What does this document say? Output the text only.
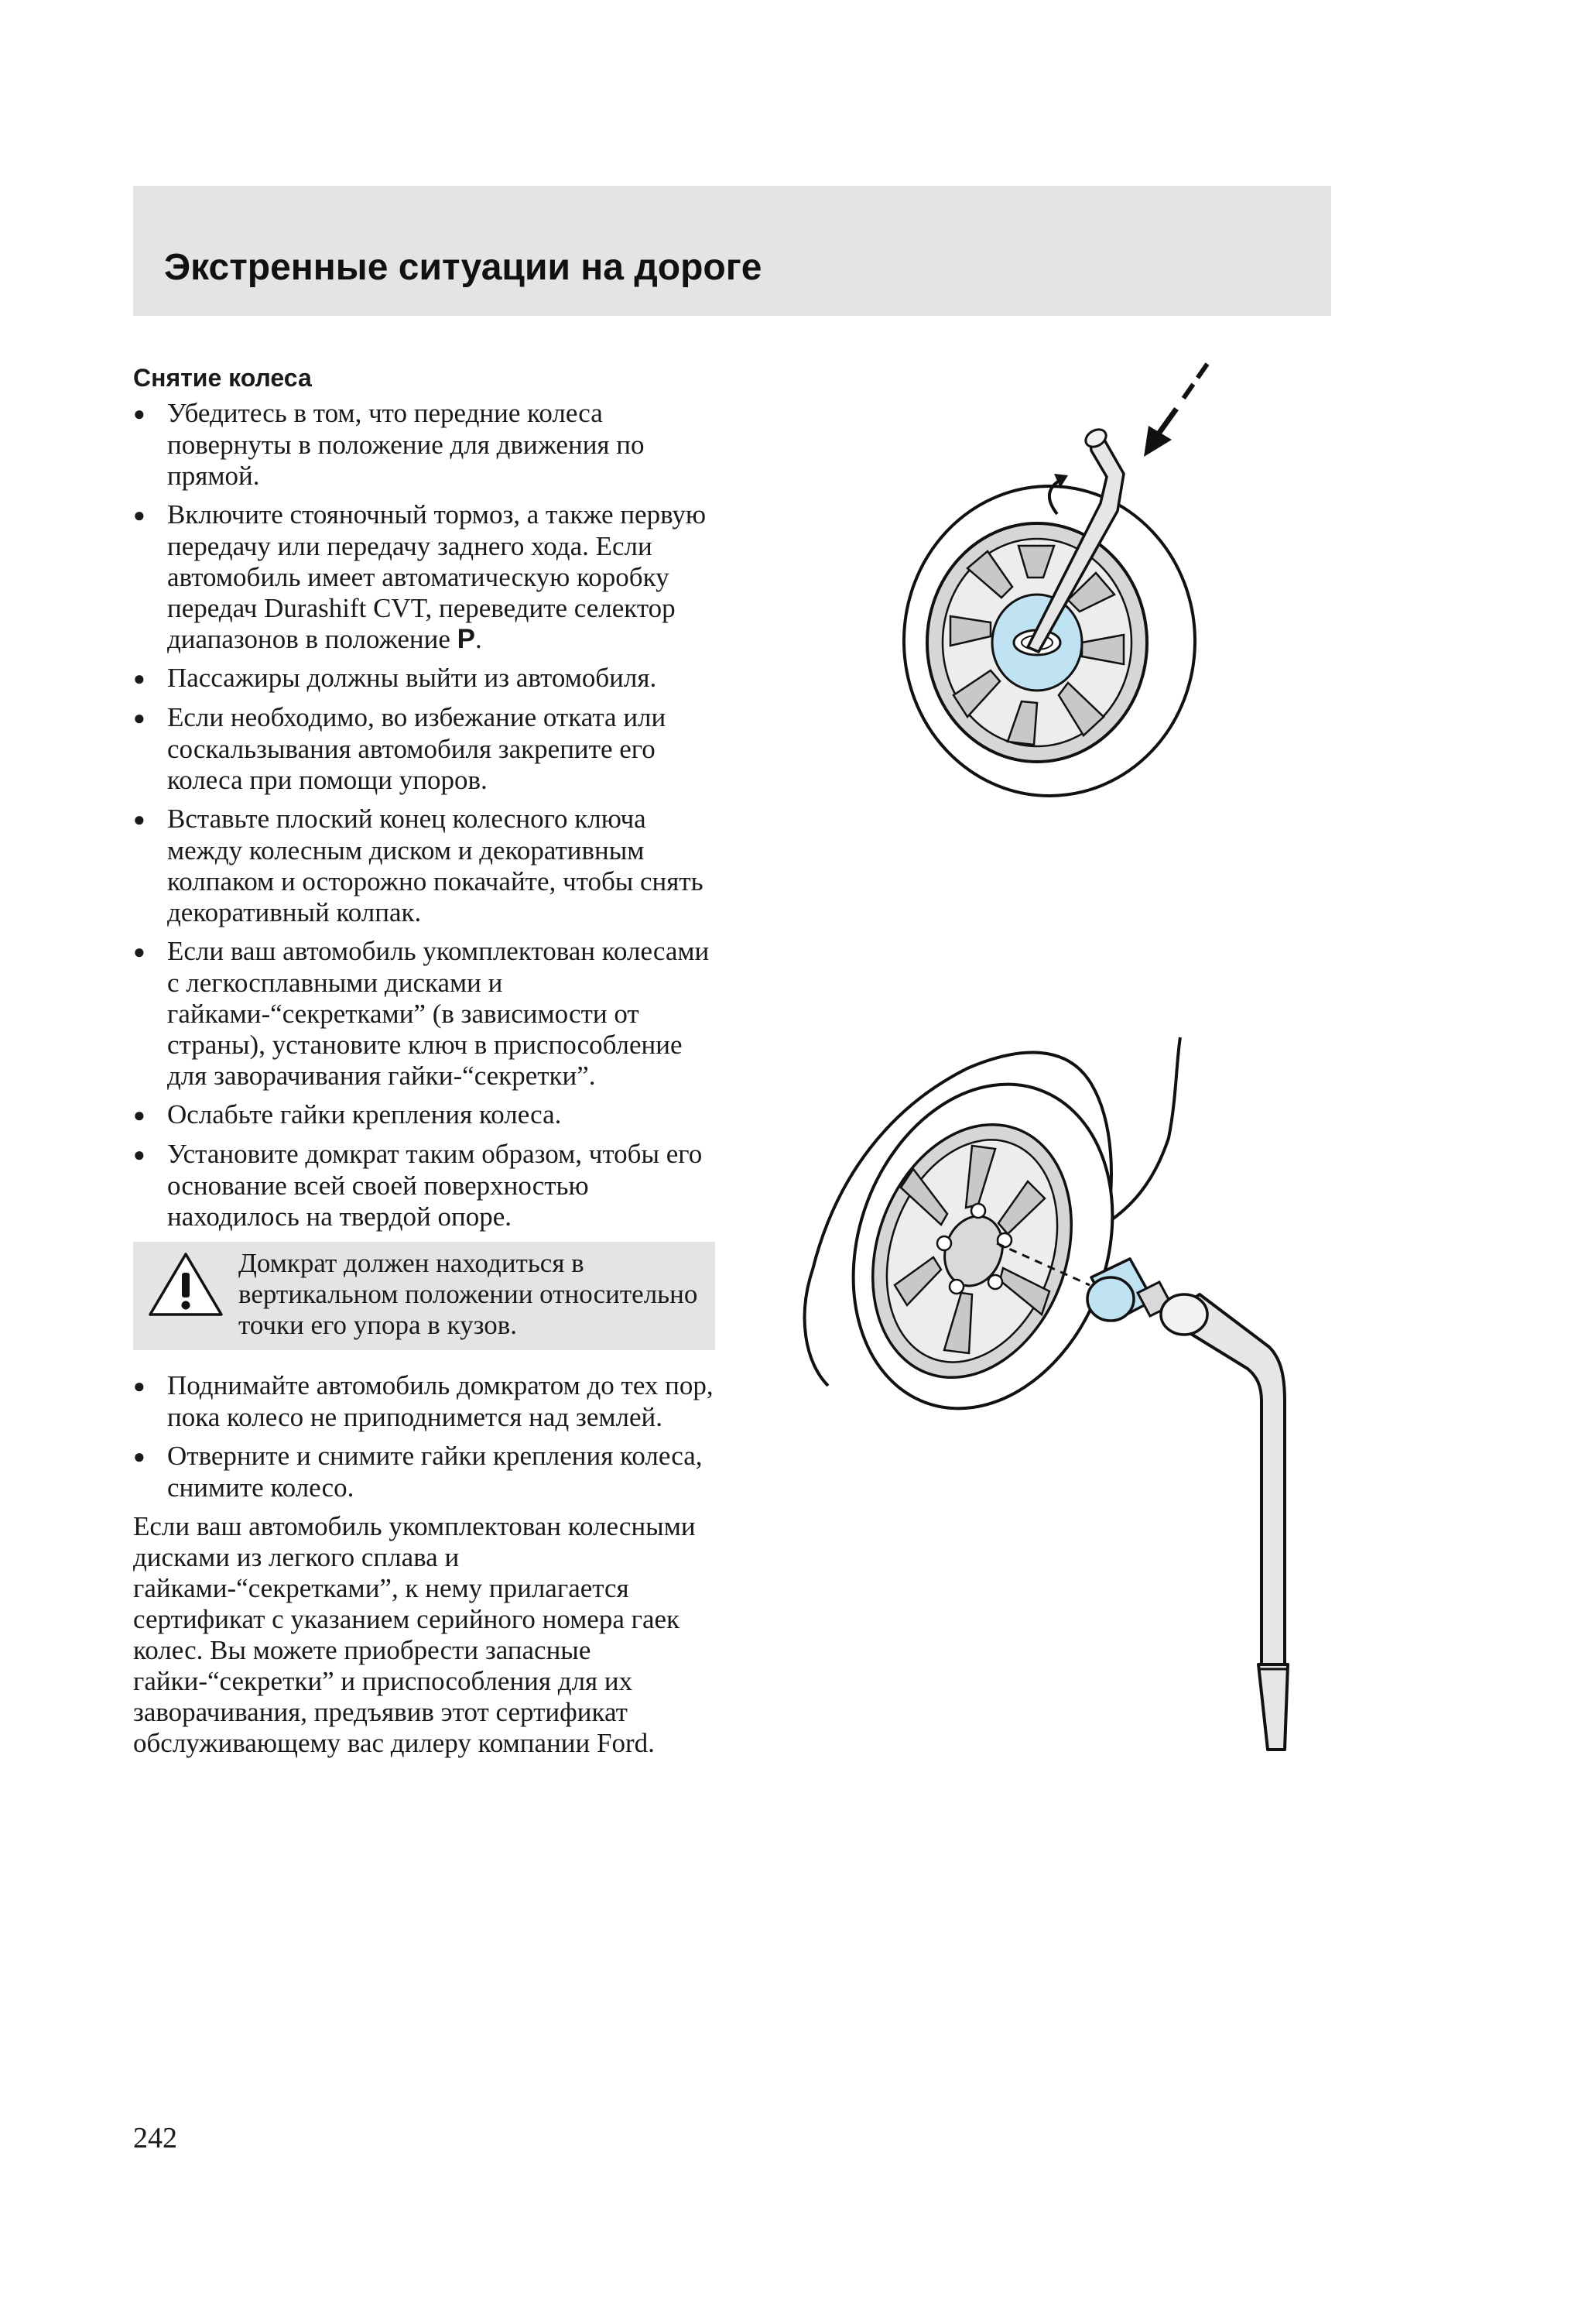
Экстренные ситуации на дороге
Снятие колеса
● Убедитесь в том, что передние колеса повернуты в положение для движения по прямой.
● Включите стояночный тормоз, а также первую передачу или передачу заднего хода. Если автомобиль имеет автоматическую коробку передач Durashift CVT, переведите селектор диапазонов в положение P.
● Пассажиры должны выйти из автомобиля.
● Если необходимо, во избежание отката или соскальзывания автомобиля закрепите его колеса при помощи упоров.
● Вставьте плоский конец колесного ключа между колесным диском и декоративным колпаком и осторожно покачайте, чтобы снять декоративный колпак.
● Если ваш автомобиль укомплектован колесами с легкосплавными дисками и гайками-“секретками” (в зависимости от страны), установите ключ в приспособление для заворачивания гайки-“секретки”.
● Ослабьте гайки крепления колеса.
● Установите домкрат таким образом, чтобы его основание всей своей поверхностью находилось на твердой опоре.

Домкрат должен находиться в вертикальном положении относительно точки его упора в кузов.

● Поднимайте автомобиль домкратом до тех пор, пока колесо не приподнимется над землей.
● Отверните и снимите гайки крепления колеса, снимите колесо.

Если ваш автомобиль укомплектован колесными дисками из легкого сплава и гайками-“секретками”, к нему прилагается сертификат с указанием серийного номера гаек колес. Вы можете приобрести запасные гайки-“секретки” и приспособления для их заворачивания, предъявив этот сертификат обслуживающему вас дилеру компании Ford.

242
